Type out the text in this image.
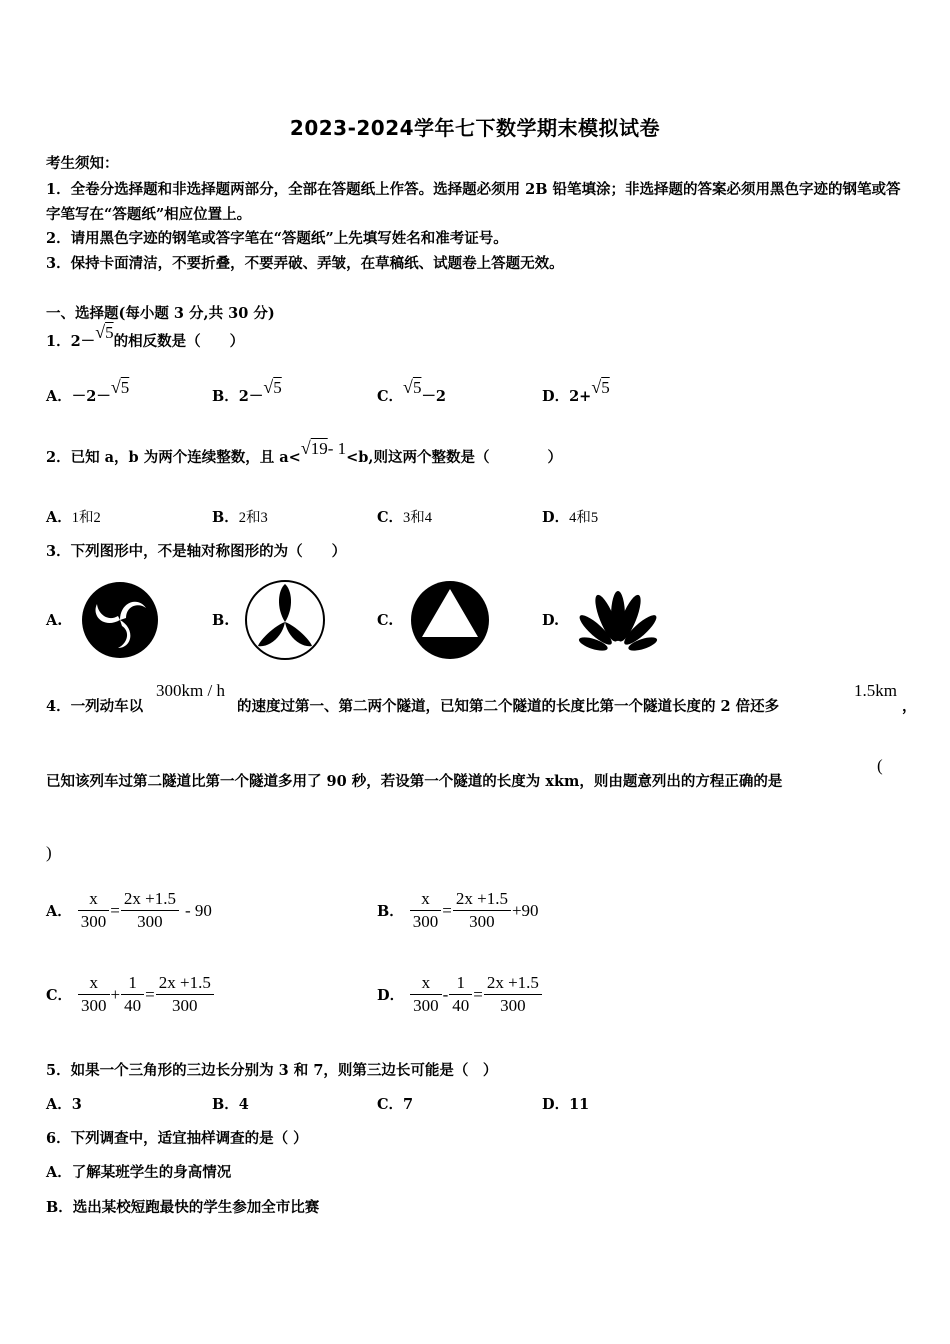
2023-2024学年七下数学期末模拟试卷
考生须知：
1．全卷分选择题和非选择题两部分，全部在答题纸上作答。选择题必须用 2B 铅笔填涂；非选择题的答案必须用黑色字迹的钢笔或答字笔写在“答题纸”相应位置上。
2．请用黑色字迹的钢笔或答字笔在“答题纸”上先填写姓名和准考证号。
3．保持卡面清洁，不要折叠，不要弄破、弄皱，在草稿纸、试题卷上答题无效。
一、选择题(每小题 3 分,共 30 分)
1．2－√5的相反数是（　　）
A．－2－√5	B．2－√5	C．√5－2	D．2+√5
2．已知 a，b 为两个连续整数，且 a<√19- 1<b,则这两个整数是（　　　　）
A．1和2	B．2和3	C．3和4	D．4和5
3．下列图形中，不是轴对称图形的为（　　）
A.	B.	C.	D.
4．一列动车以
300km / h
的速度过第一、第二两个隧道，已知第二个隧道的长度比第一个隧道长度的 2 倍还多
1.5km
，
已知该列车过第二隧道比第一个隧道多用了 90 秒，若设第一个隧道的长度为 xkm，则由题意列出的方程正确的是
(
)
A． $\frac{x}{300} = \frac{2x +1.5}{300} - 90$	B． $\frac{x}{300} = \frac{2x +1.5}{300} +90$
C． $\frac{x}{300} + \frac{1}{40} = \frac{2x +1.5}{300}$	D． $\frac{x}{300} - \frac{1}{40} = \frac{2x +1.5}{300}$
5．如果一个三角形的三边长分别为 3 和 7，则第三边长可能是（　）
A．3	B．4	C．7	D．11
6．下列调查中，适宜抽样调查的是（ ）
A．了解某班学生的身高情况
B．选出某校短跑最快的学生参加全市比赛
